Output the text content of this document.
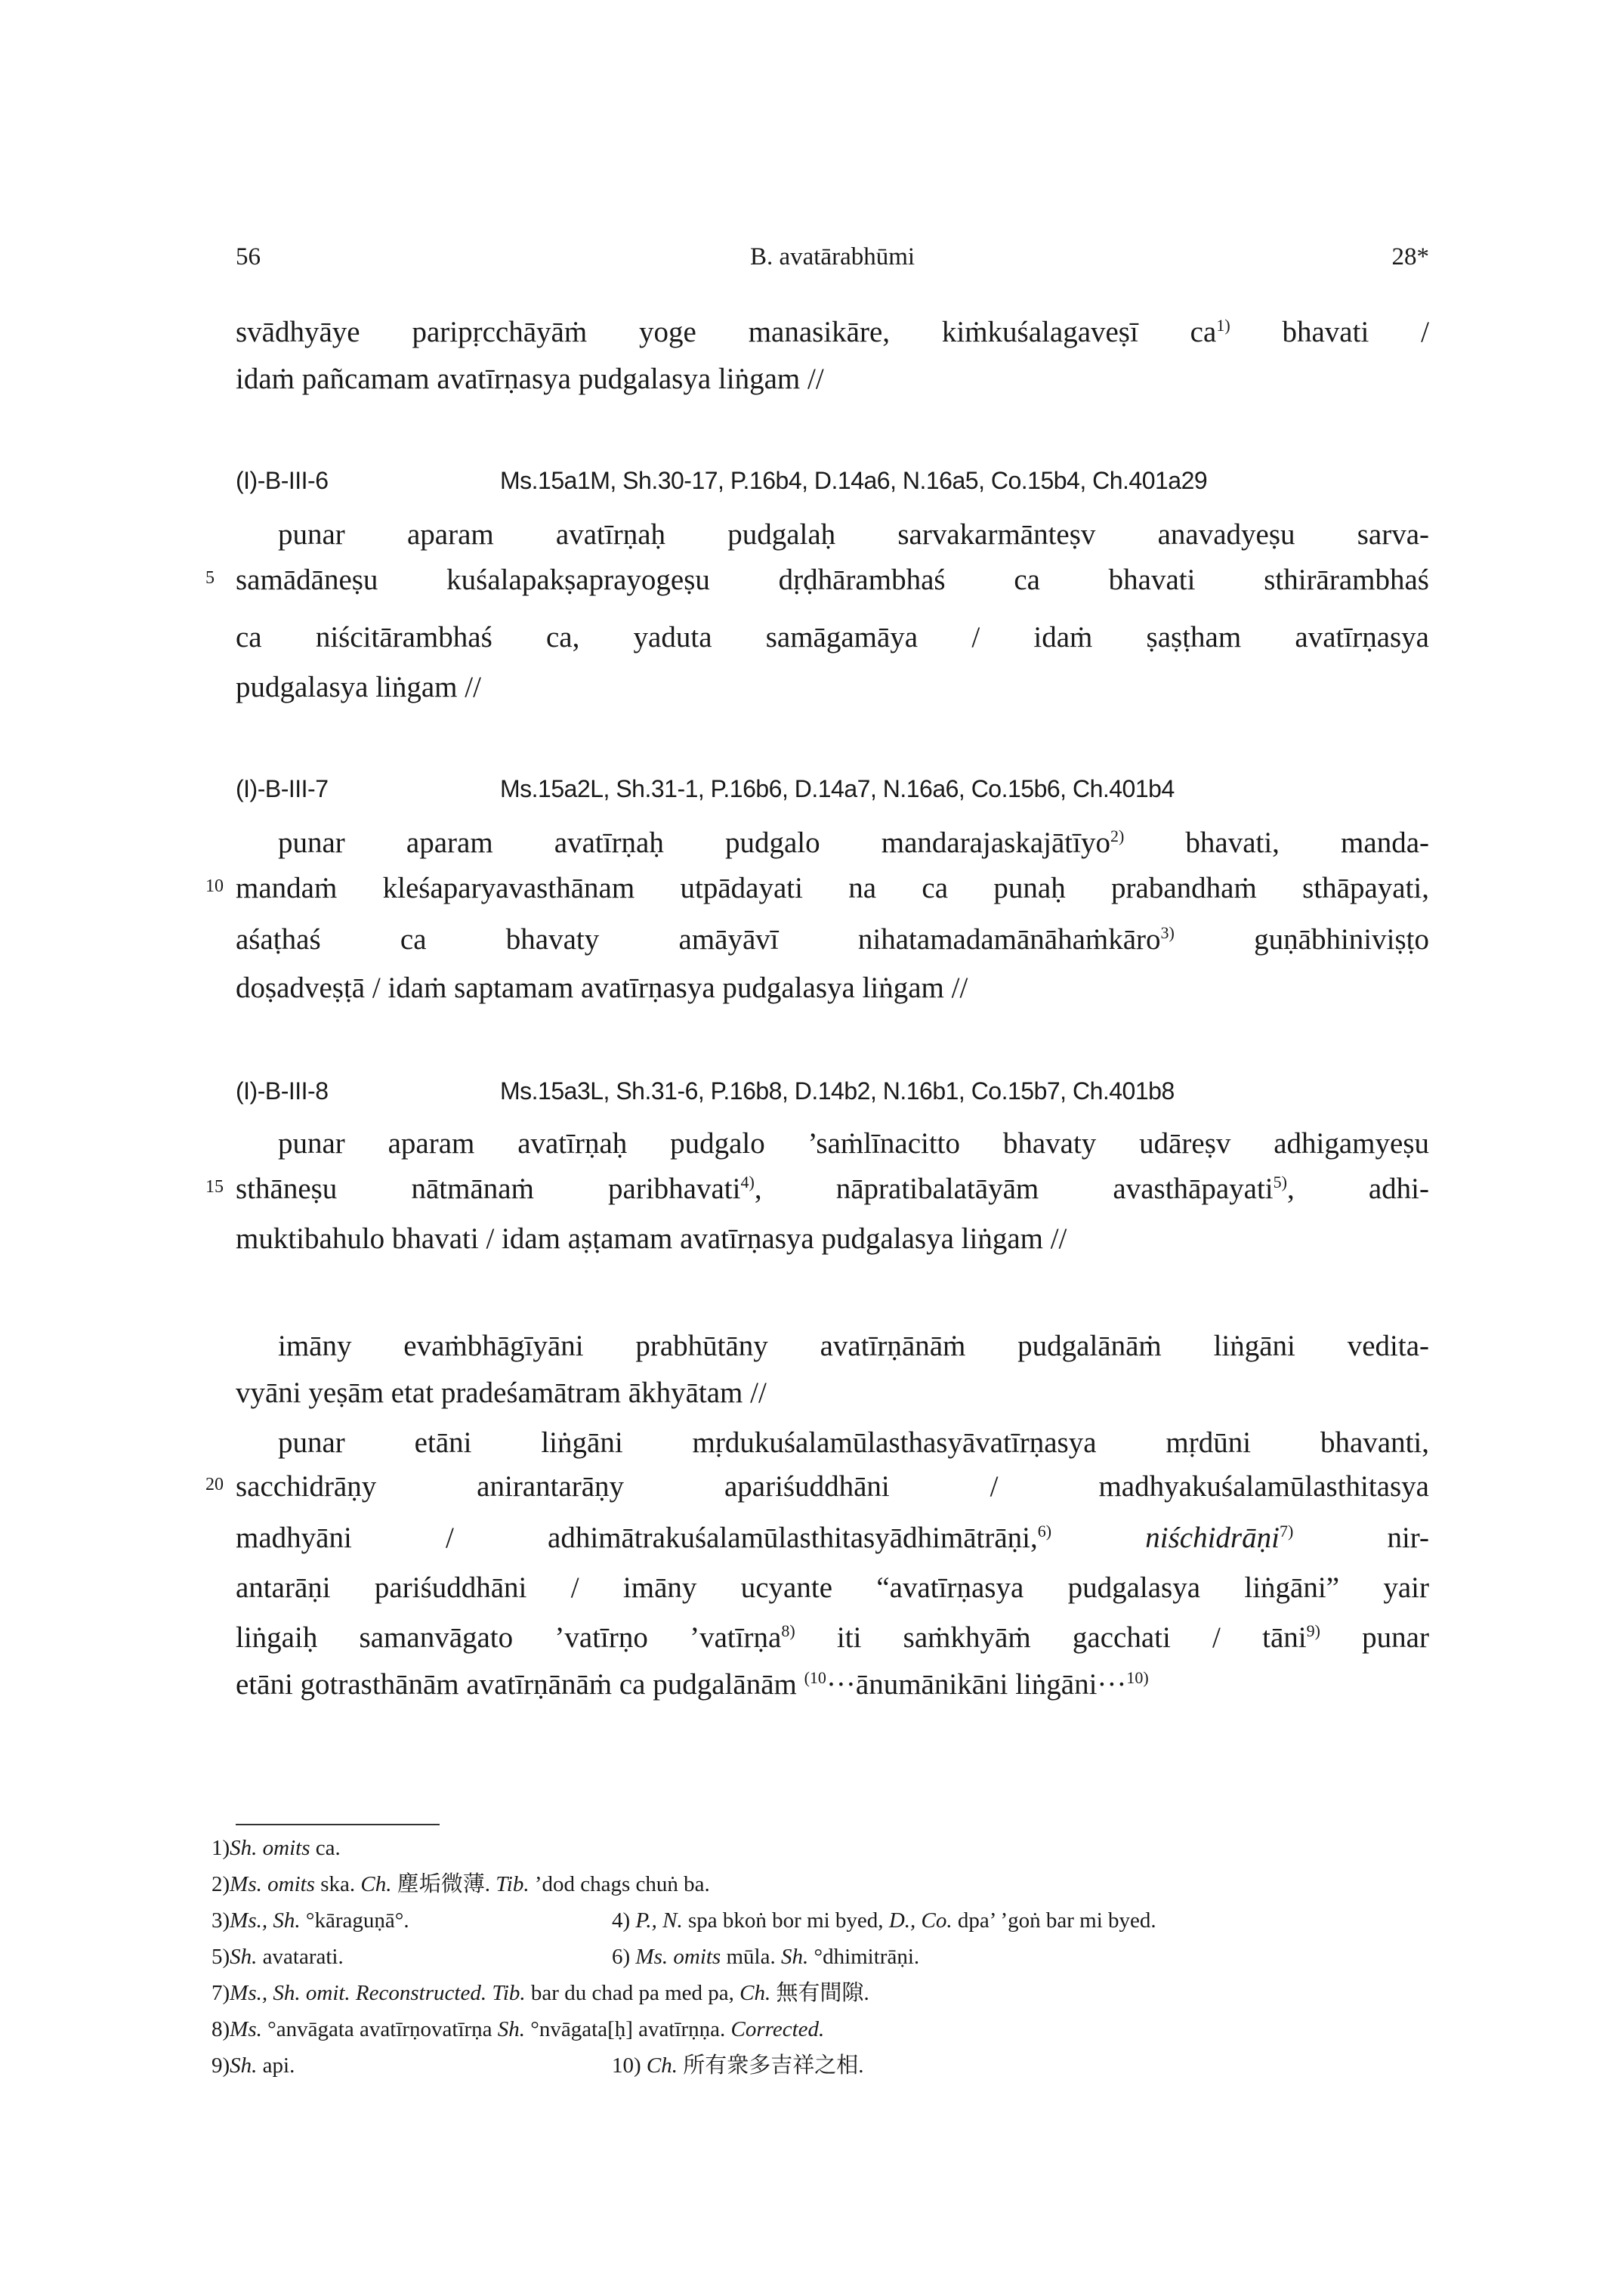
56	B. avatārabhūmi	28*
svādhyāye paripṛcchāyāṁ yoge manasikāre, kiṁkuśalagaveṣī $ca^{1)}$ bhavati /
idaṁ pañcamam avatīrṇasya pudgalasya liṅgam //
(I)-B-III-6	Ms.15a1M, Sh.30-17, P.16b4, D.14a6, N.16a5, Co.15b4, Ch.401a29
punar aparam avatīrṇaḥ pudgalaḥ sarvakarmānteṣv anavadyeṣu sarva-
5 samādāneṣu kuśalapakṣaprayogeṣu dṛḍhārambhaś ca bhavati sthirārambhaś
ca niścitārambhaś ca, yaduta samāgamāya / idaṁ ṣaṣṭham avatīrṇasya
pudgalasya liṅgam //
(I)-B-III-7	Ms.15a2L, Sh.31-1, P.16b6, D.14a7, N.16a6, Co.15b6, Ch.401b4
punar aparam avatīrṇaḥ pudgalo mandarajaskajātīyo$^{2)}$ bhavati, manda-
10 mandaṁ kleśaparyavasthānam utpādayati na ca punaḥ prabandhaṁ sthāpayati,
aśaṭhaś ca bhavaty amāyāvī nihatamadamānāhaṁkāro$^{3)}$ guṇābhiniviṣṭo
doṣadveṣṭā / idaṁ saptamam avatīrṇasya pudgalasya liṅgam //
(I)-B-III-8	Ms.15a3L, Sh.31-6, P.16b8, D.14b2, N.16b1, Co.15b7, Ch.401b8
punar aparam avatīrṇaḥ pudgalo ’saṁlīnacitto bhavaty udāreṣv adhigamyeṣu
15 sthāneṣu nātmānaṁ paribhavati$^{4)}$, nāpratibalatāyām avasthāpayati$^{5)}$, adhi-
muktibahulo bhavati / idam aṣṭamam avatīrṇasya pudgalasya liṅgam //
imāny evaṁbhāgīyāni prabhūtāny avatīrṇānāṁ pudgalānāṁ liṅgāni vedita-
vyāni yeṣām etat pradeśamātram ākhyātam //
punar etāni liṅgāni mṛdukuśalamūlasthasyāvatīrṇasya mṛdūni bhavanti,
20 sacchidrāṇy anirantarāṇy apariśuddhāni / madhyakuśalamūlasthitasya
madhyāni / adhimātrakuśalamūlasthitasyādhimātrāṇi,$^{6)}$ niśchidrāṇi$^{7)}$ nir-
antarāṇi pariśuddhāni / imāny ucyante “avatīrṇasya pudgalasya liṅgāni” yair
liṅgaiḥ samanvāgato ’vatīrṇo ’vatīrṇa$^{8)}$ iti saṁkhyāṁ gacchati / tāni$^{9)}$ punar
etāni gotrasthānām avatīrṇānāṁ ca pudgalānām $^{(10}$···ānumānikāni liṅgāni···$^{10)}$
1)Sh. omits ca.
2)Ms. omits ska. Ch. 塵垢微薄. Tib. ’dod chags chuṅ ba.
3)Ms., Sh. °kāraguṇā°.	4) P., N. spa bkoṅ bor mi byed, D., Co. dpa’ ’goṅ bar mi byed.
5)Sh. avatarati.	6) Ms. omits mūla. Sh. °dhimitrāṇi.
7)Ms., Sh. omit. Reconstructed. Tib. bar du chad pa med pa, Ch. 無有間隙.
8)Ms. °anvāgata avatīrṇovatīrṇa Sh. °nvāgata[ḥ] avatīrṇṇa. Corrected.
9)Sh. api.	10) Ch. 所有衆多吉祥之相.
